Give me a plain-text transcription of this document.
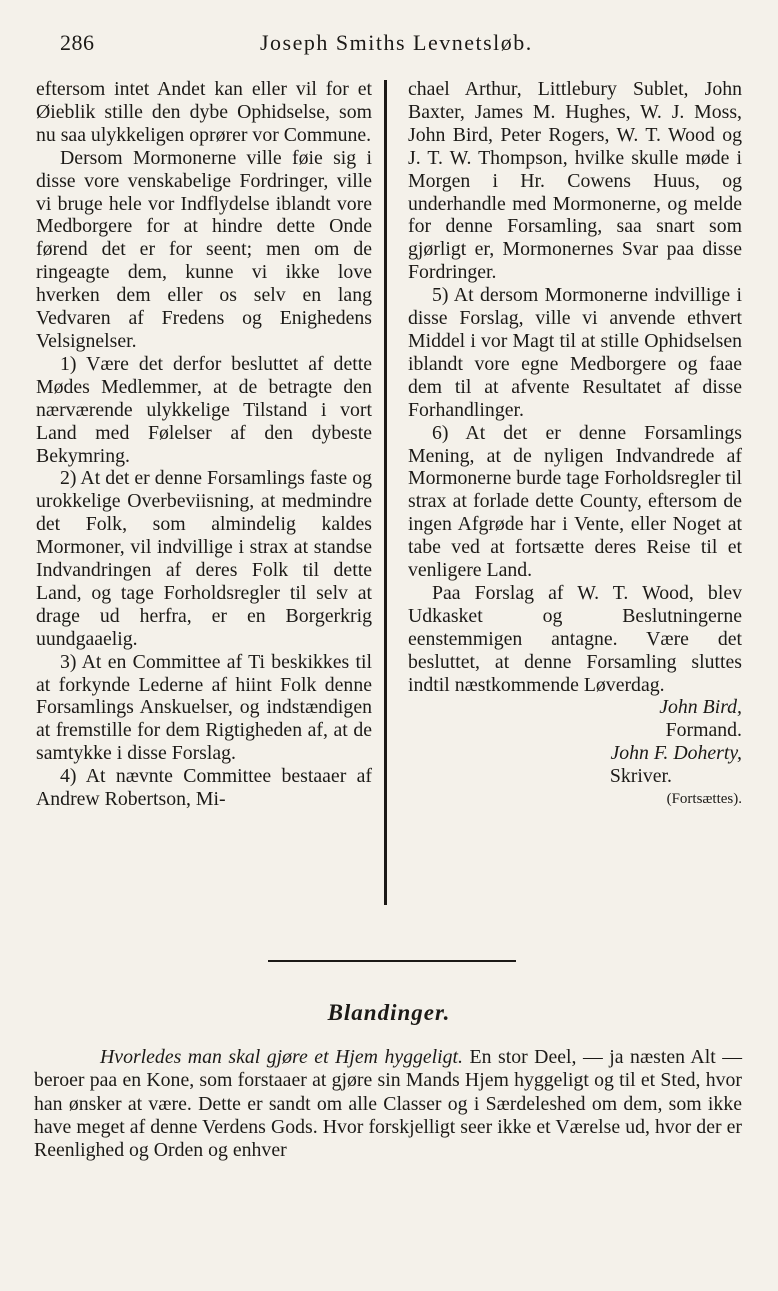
286	Joseph Smiths Levnetsløb.

eftersom intet Andet kan eller vil for et Øieblik stille den dybe Ophidselse, som nu saa ulykkeligen oprører vor Commune.

Dersom Mormonerne ville føie sig i disse vore venskabelige Fordringer, ville vi bruge hele vor Indflydelse iblandt vore Medborgere for at hindre dette Onde førend det er for seent; men om de ringeagte dem, kunne vi ikke love hverken dem eller os selv en lang Vedvaren af Fredens og Enighedens Velsignelser.

1) Være det derfor besluttet af dette Mødes Medlemmer, at de betragte den nærværende ulykkelige Tilstand i vort Land med Følelser af den dybeste Bekymring.

2) At det er denne Forsamlings faste og urokkelige Overbeviisning, at medmindre det Folk, som almindelig kaldes Mormoner, vil indvillige i strax at standse Indvandringen af deres Folk til dette Land, og tage Forholdsregler til selv at drage ud herfra, er en Borgerkrig uundgaaelig.

3) At en Committee af Ti beskikkes til at forkynde Lederne af hiint Folk denne Forsamlings Anskuelser, og indstændigen at fremstille for dem Rigtigheden af, at de samtykke i disse Forslag.

4) At nævnte Committee bestaaer af Andrew Robertson, Mi-

chael Arthur, Littlebury Sublet, John Baxter, James M. Hughes, W. J. Moss, John Bird, Peter Rogers, W. T. Wood og J. T. W. Thompson, hvilke skulle møde i Morgen i Hr. Cowens Huus, og underhandle med Mormonerne, og melde for denne Forsamling, saa snart som gjørligt er, Mormonernes Svar paa disse Fordringer.

5) At dersom Mormonerne indvillige i disse Forslag, ville vi anvende ethvert Middel i vor Magt til at stille Ophidselsen iblandt vore egne Medborgere og faae dem til at afvente Resultatet af disse Forhandlinger.

6) At det er denne Forsamlings Mening, at de nyligen Indvandrede af Mormonerne burde tage Forholdsregler til strax at forlade dette County, eftersom de ingen Afgrøde har i Vente, eller Noget at tabe ved at fortsætte deres Reise til et venligere Land.

Paa Forslag af W. T. Wood, blev Udkasket og Beslutningerne eenstemmigen antagne. Være det besluttet, at denne Forsamling sluttes indtil næstkommende Løverdag.

John Bird,

Formand.

John F. Doherty,

Skriver.

(Fortsættes).

Blandinger.

Hvorledes man skal gjøre et Hjem hyggeligt. En stor Deel, — ja næsten Alt — beroer paa en Kone, som forstaaer at gjøre sin Mands Hjem hyggeligt og til et Sted, hvor han ønsker at være. Dette er sandt om alle Classer og i Særdeleshed om dem, som ikke have meget af denne Verdens Gods. Hvor forskjelligt seer ikke et Værelse ud, hvor der er Reenlighed og Orden og enhver
